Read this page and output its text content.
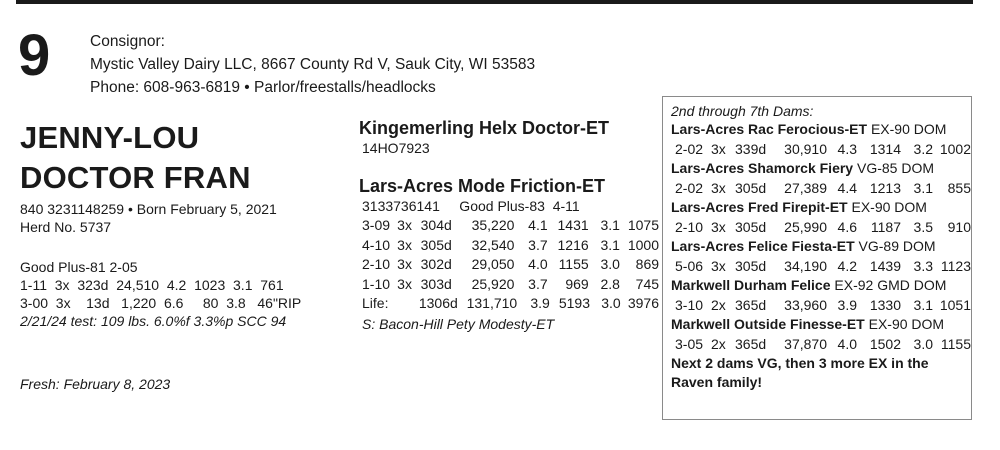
9	Consignor:
Mystic Valley Dairy LLC, 8667 County Rd V, Sauk City, WI 53583
Phone: 608-963-6819 • Parlor/freestalls/headlocks
JENNY-LOU
DOCTOR FRAN
840 3231148259 • Born February 5, 2021
Herd No. 5737
Good Plus-81 2-05
1-11  3x  323d  24,510  4.2  1023  3.1  761
3-00  3x    13d   1,220  6.6     80  3.8   46"RIP
2/21/24 test: 109 lbs. 6.0%f 3.3%p SCC 94
Fresh: February 8, 2023
Kingemerling Helx Doctor-ET
14HO7923
Lars-Acres Mode Friction-ET
3133736141     Good Plus-83  4-11
3-09 3x 304d	35,220 4.1 1431 3.1 1075
4-10 3x 305d	32,540 3.7 1216 3.1 1000
2-10 3x 302d	29,050 4.0 1155 3.0	869
1-10 3x 303d	25,920 3.7	969 2.8	745
Life:	1306d 131,710 3.9 5193 3.0 3976
S: Bacon-Hill Pety Modesty-ET
2nd through 7th Dams:
Lars-Acres Rac Ferocious-ET EX-90 DOM
2-02 3x 339d	30,910 4.3 1314 3.2 1002
Lars-Acres Shamorck Fiery VG-85 DOM
2-02 3x 305d	27,389 4.4 1213 3.1	855
Lars-Acres Fred Firepit-ET EX-90 DOM
2-10 3x 305d	25,990 4.6 1187 3.5	910
Lars-Acres Felice Fiesta-ET VG-89 DOM
5-06 3x 305d	34,190 4.2 1439 3.3 1123
Markwell Durham Felice EX-92 GMD DOM
3-10 2x 365d	33,960 3.9 1330 3.1 1051
Markwell Outside Finesse-ET EX-90 DOM
3-05 2x 365d	37,870 4.0 1502 3.0 1155
Next 2 dams VG, then 3 more EX in the Raven family!
